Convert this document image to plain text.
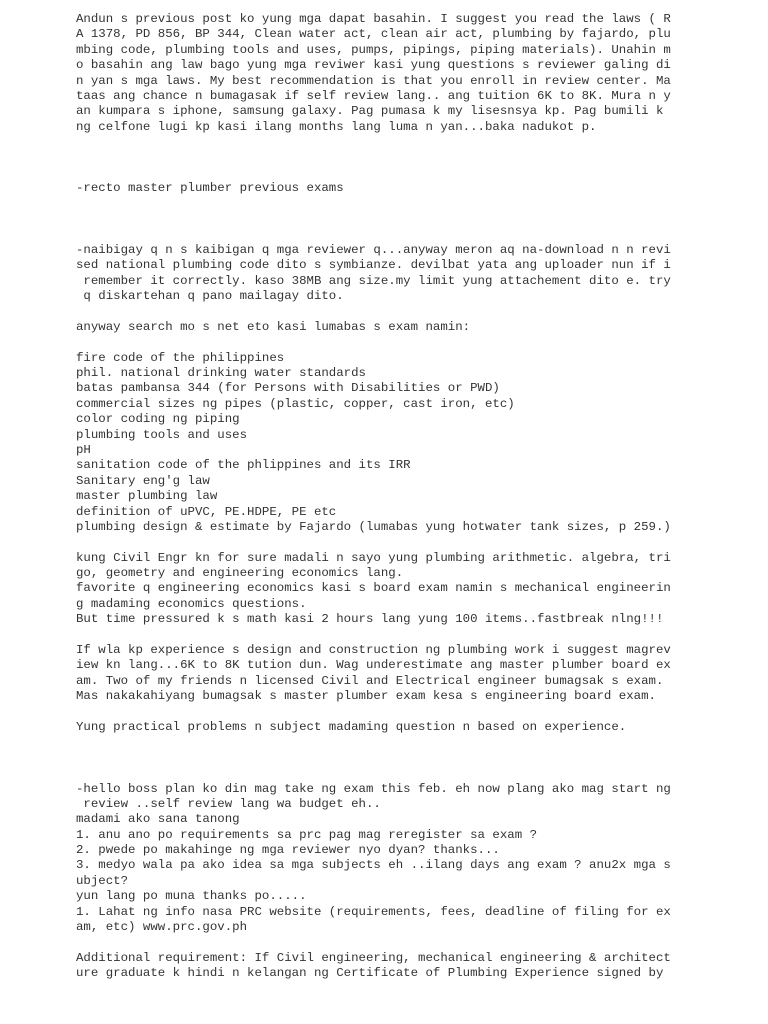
Andun s previous post ko yung mga dapat basahin. I suggest you read the laws ( R
A 1378, PD 856, BP 344, Clean water act, clean air act, plumbing by fajardo, plu
mbing code, plumbing tools and uses, pumps, pipings, piping materials). Unahin m
o basahin ang law bago yung mga reviwer kasi yung questions s reviewer galing di
n yan s mga laws. My best recommendation is that you enroll in review center. Ma
taas ang chance n bumagasak if self review lang.. ang tuition 6K to 8K. Mura n y
an kumpara s iphone, samsung galaxy. Pag pumasa k my lisesnsya kp. Pag bumili k
ng celfone lugi kp kasi ilang months lang luma n yan...baka nadukot p.
-recto master plumber previous exams
-naibigay q n s kaibigan q mga reviewer q...anyway meron aq na-download n n revi
sed national plumbing code dito s symbianze. devilbat yata ang uploader nun if i
remember it correctly. kaso 38MB ang size.my limit yung attachement dito e. try
q diskartehan q pano mailagay dito.
anyway search mo s net eto kasi lumabas s exam namin:
fire code of the philippines
phil. national drinking water standards
batas pambansa 344 (for Persons with Disabilities or PWD)
commercial sizes ng pipes (plastic, copper, cast iron, etc)
color coding ng piping
plumbing tools and uses
pH
sanitation code of the phlippines and its IRR
Sanitary eng'g law
master plumbing law
definition of uPVC, PE.HDPE, PE etc
plumbing design & estimate by Fajardo (lumabas yung hotwater tank sizes, p 259.)
kung Civil Engr kn for sure madali n sayo yung plumbing arithmetic. algebra, tri
go, geometry and engineering economics lang.
favorite q engineering economics kasi s board exam namin s mechanical engineerin
g madaming economics questions.
But time pressured k s math kasi 2 hours lang yung 100 items..fastbreak nlng!!!
If wla kp experience s design and construction ng plumbing work i suggest magrev
iew kn lang...6K to 8K tution dun. Wag underestimate ang master plumber board ex
am. Two of my friends n licensed Civil and Electrical engineer bumagsak s exam.
Mas nakakahiyang bumagsak s master plumber exam kesa s engineering board exam.
Yung practical problems n subject madaming question n based on experience.
-hello boss plan ko din mag take ng exam this feb. eh now plang ako mag start ng
review ..self review lang wa budget eh..
madami ako sana tanong
1. anu ano po requirements sa prc pag mag reregister sa exam ?
2. pwede po makahinge ng mga reviewer nyo dyan? thanks...
3. medyo wala pa ako idea sa mga subjects eh ..ilang days ang exam ? anu2x mga s
ubject?
yun lang po muna thanks po.....
1. Lahat ng info nasa PRC website (requirements, fees, deadline of filing for ex
am, etc) www.prc.gov.ph
Additional requirement: If Civil engineering, mechanical engineering & architect
ure graduate k hindi n kelangan ng Certificate of Plumbing Experience signed by
